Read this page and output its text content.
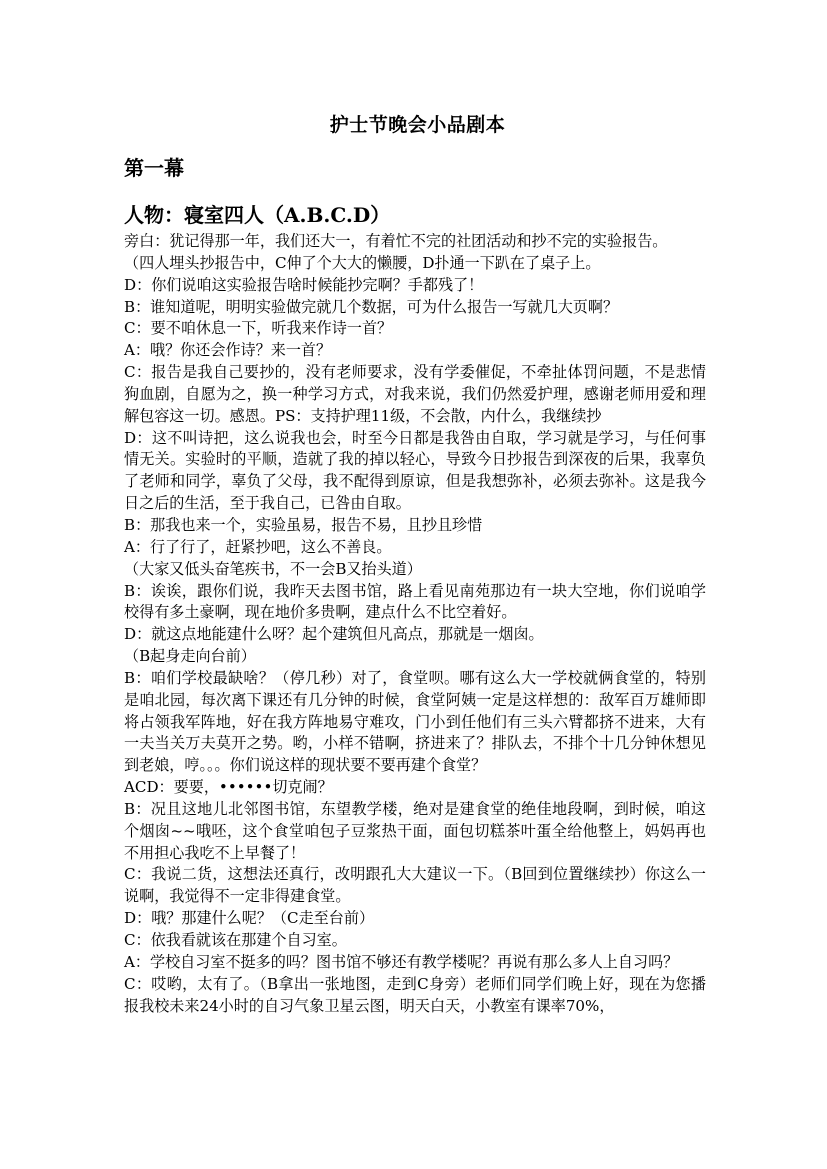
护士节晚会小品剧本
第一幕
人物：寝室四人（A.B.C.D）

旁白：犹记得那一年，我们还大一，有着忙不完的社团活动和抄不完的实验报告。

（四人埋头抄报告中，C伸了个大大的懒腰，D扑通一下趴在了桌子上。

D：你们说咱这实验报告啥时候能抄完啊？手都残了！

B：谁知道呢，明明实验做完就几个数据，可为什么报告一写就几大页啊？

C：要不咱休息一下，听我来作诗一首？

A：哦？你还会作诗？来一首？

C：报告是我自己要抄的，没有老师要求，没有学委催促，不牵扯体罚问题，不是悲情狗血剧，自愿为之，换一种学习方式，对我来说，我们仍然爱护理，感谢老师用爱和理解包容这一切。感恩。PS：支持护理11级，不会散，内什么，我继续抄

D：这不叫诗把，这么说我也会，时至今日都是我咎由自取，学习就是学习，与任何事情无关。实验时的平顺，造就了我的掉以轻心，导致今日抄报告到深夜的后果，我辜负了老师和同学，辜负了父母，我不配得到原谅，但是我想弥补，必须去弥补。这是我今日之后的生活，至于我自己，已咎由自取。

B：那我也来一个，实验虽易，报告不易，且抄且珍惜

A：行了行了，赶紧抄吧，这么不善良。

（大家又低头奋笔疾书，不一会B又抬头道）

B：诶诶，跟你们说，我昨天去图书馆，路上看见南苑那边有一块大空地，你们说咱学校得有多土豪啊，现在地价多贵啊，建点什么不比空着好。

D：就这点地能建什么呀？起个建筑但凡高点，那就是一烟囱。

（B起身走向台前）

B：咱们学校最缺啥？（停几秒）对了，食堂呗。哪有这么大一学校就俩食堂的，特别是咱北园，每次离下课还有几分钟的时候，食堂阿姨一定是这样想的：敌军百万雄师即将占领我军阵地，好在我方阵地易守难攻，门小到任他们有三头六臂都挤不进来，大有一夫当关万夫莫开之势。哟，小样不错啊，挤进来了？排队去，不排个十几分钟休想见到老娘，哼。。。你们说这样的现状要不要再建个食堂？

ACD：要要，••••••切克闹？

B：况且这地儿北邻图书馆，东望教学楼，绝对是建食堂的绝佳地段啊，到时候，咱这个烟囱~~哦呸，这个食堂咱包子豆浆热干面，面包切糕茶叶蛋全给他整上，妈妈再也不用担心我吃不上早餐了！

C：我说二货，这想法还真行，改明跟孔大大建议一下。（B回到位置继续抄）你这么一说啊，我觉得不一定非得建食堂。

D：哦？那建什么呢？（C走至台前）

C：依我看就该在那建个自习室。

A：学校自习室不挺多的吗？图书馆不够还有教学楼呢？再说有那么多人上自习吗？

C：哎哟，太有了。（B拿出一张地图，走到C身旁）老师们同学们晚上好，现在为您播报我校未来24小时的自习气象卫星云图，明天白天，小教室有课率70%，
